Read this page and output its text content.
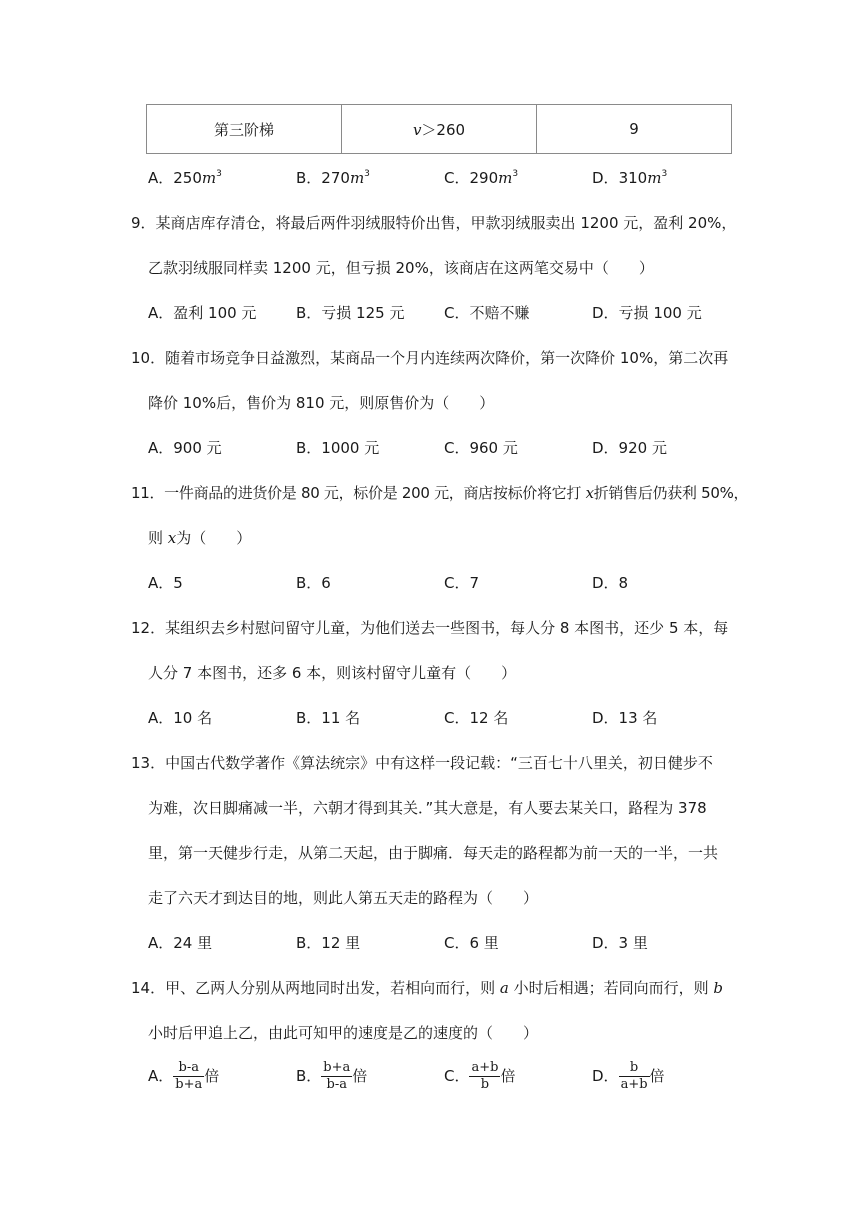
第三阶梯	v＞260	9
A．$250m^3$	B．$270m^3$	C．$290m^3$	D．$310m^3$
9．某商店库存清仓，将最后两件羽绒服特价出售，甲款羽绒服卖出 1200 元，盈利 20%，
乙款羽绒服同样卖 1200 元，但亏损 20%，该商店在这两笔交易中（　　）
A．盈利 100 元	B．亏损 125 元	C．不赔不赚	D．亏损 100 元
10．随着市场竞争日益激烈，某商品一个月内连续两次降价，第一次降价 10%，第二次再
降价 10%后，售价为 810 元，则原售价为（　　）
A．900 元	B．1000 元	C．960 元	D．920 元
11．一件商品的进货价是 80 元，标价是 200 元，商店按标价将它打 x折销售后仍获利 50%，
则 x为（　　）
A．5	B．6	C．7	D．8
12．某组织去乡村慰问留守儿童，为他们送去一些图书，每人分 8 本图书，还少 5 本，每
人分 7 本图书，还多 6 本，则该村留守儿童有（　　）
A．10 名	B．11 名	C．12 名	D．13 名
13．中国古代数学著作《算法统宗》中有这样一段记载：“三百七十八里关，初日健步不
为难，次日脚痛减一半，六朝才得到其关．”其大意是，有人要去某关口，路程为 378
里，第一天健步行走，从第二天起，由于脚痛．每天走的路程都为前一天的一半，一共
走了六天才到达目的地，则此人第五天走的路程为（　　）
A．24 里	B．12 里	C．6 里	D．3 里
14．甲、乙两人分别从两地同时出发，若相向而行，则 a 小时后相遇；若同向而行，则 b
小时后甲追上乙，由此可知甲的速度是乙的速度的（　　）
A． $\frac{b-a}{b+a}$ 倍	B． $\frac{b+a}{b-a}$ 倍	C． $\frac{a+b}{b}$ 倍	D． $\frac{b}{a+b}$ 倍
